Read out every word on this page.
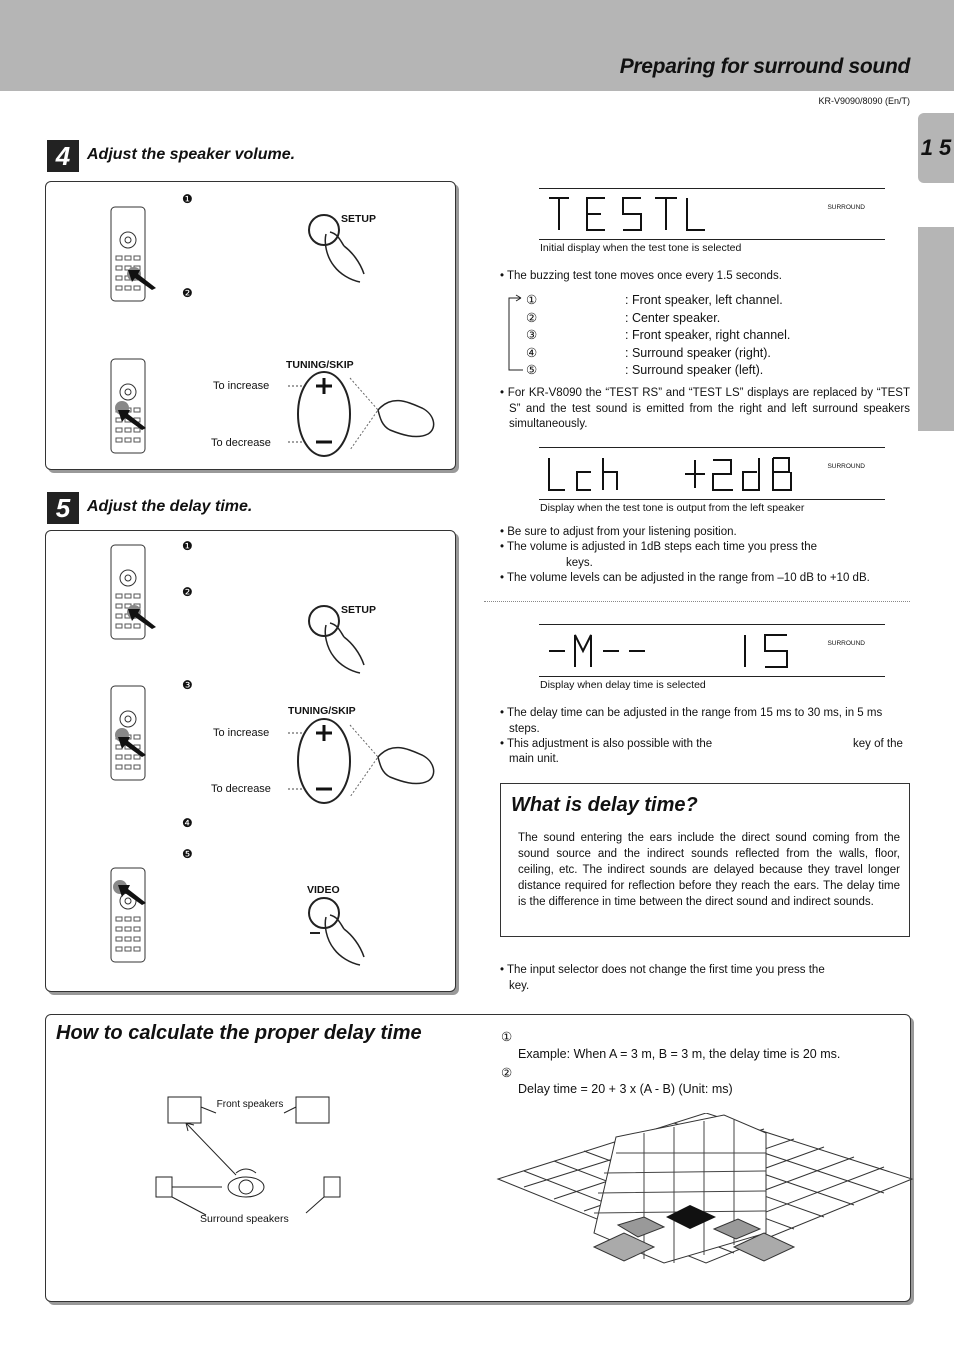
Preparing for surround sound
KR-V9090/8090 (En/T)
1 5
4	Adjust the speaker volume.
❶
❷
SETUP
TUNING/SKIP
To increase
To decrease
5	Adjust the delay time.
❶
❷
❸
❹
❺
SETUP
TUNING/SKIP
To increase
To decrease
VIDEO
SURROUND
Initial display when the test tone is selected
• The buzzing test tone moves once every 1.5 seconds.
①	: Front speaker, left channel.
②	: Center speaker.
③	: Front speaker, right channel.
④	: Surround speaker (right).
⑤	: Surround speaker (left).
• For KR-V8090 the “TEST RS” and “TEST LS” displays are replaced by “TEST S” and the test sound is emitted from the right and left surround speakers simultaneously.
SURROUND
Display when the test tone is output from the left speaker
• Be sure to adjust from your listening position.
• The volume is adjusted in 1dB steps each time you press the
keys.
• The volume levels can be adjusted in the range from –10 dB to +10 dB.
SURROUND
Display when delay time is selected
• The delay time can be adjusted in the range from 15 ms to 30 ms, in 5 ms steps.
• This adjustment is also possible with the	key of the
main unit.
What is delay time?
The sound entering the ears include the direct sound coming from the sound source and the indirect sounds reflected from the walls, floor, ceiling, etc. The indirect sounds are delayed because they travel longer distance required for reflection before they reach the ears. The delay time is the difference in time between the direct sound and indirect sounds.
• The input selector does not change the first time you press the
key.
How to calculate the proper delay time	①
Example: When A = 3 m, B = 3 m, the delay time is 20 ms.
②
Delay time = 20 + 3 x (A - B) (Unit: ms)
Front speakers
Surround speakers
